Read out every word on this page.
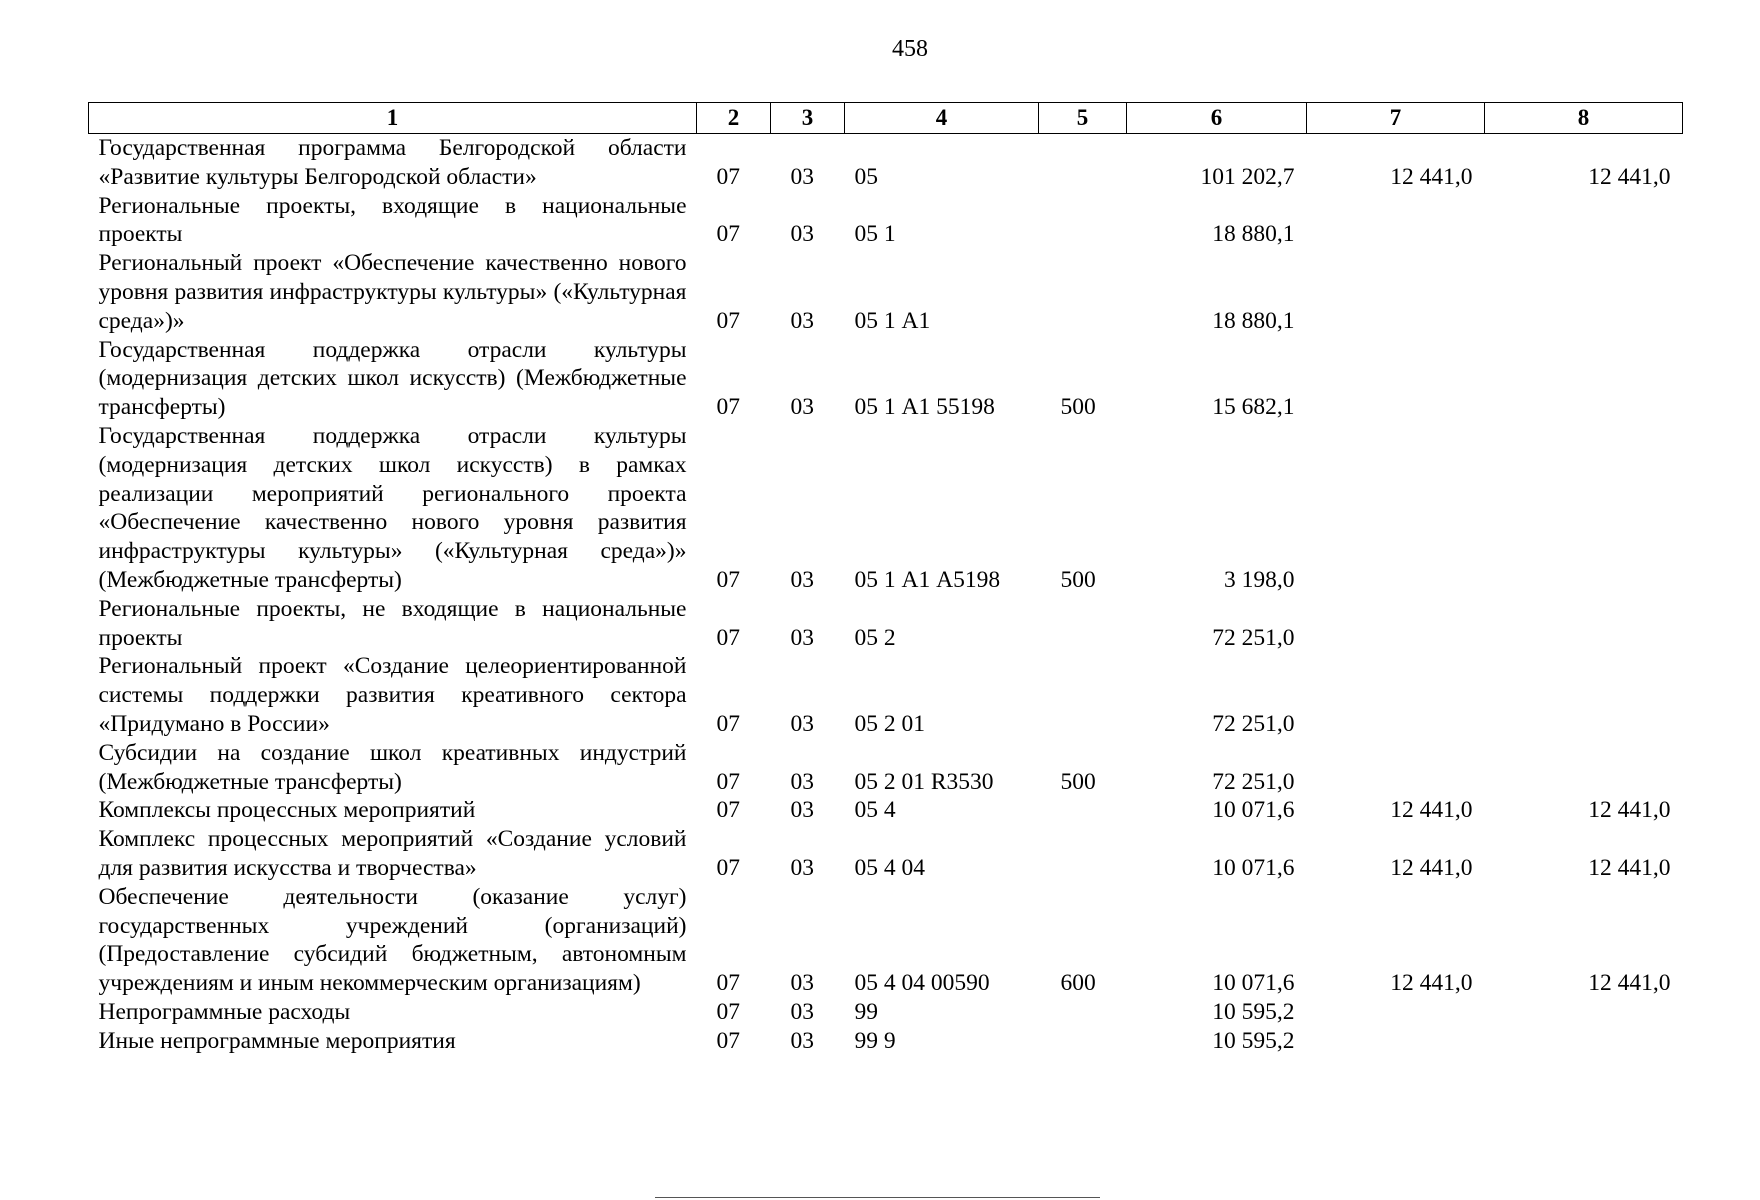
458
1	2	3	4	5	6	7	8
Государственная программа Белгородской области «Развитие культуры Белгородской области»	07	03	05		101 202,7	12 441,0	12 441,0
Региональные проекты, входящие в национальные проекты	07	03	05 1		18 880,1		
Региональный проект «Обеспечение качественно нового уровня развития инфраструктуры культуры» («Культурная среда»)»	07	03	05 1 А1		18 880,1		
Государственная поддержка отрасли культуры (модернизация детских школ искусств) (Межбюджетные трансферты)	07	03	05 1 А1 55198	500	15 682,1		
Государственная поддержка отрасли культуры (модернизация детских школ искусств) в рамках реализации мероприятий регионального проекта «Обеспечение качественно нового уровня развития инфраструктуры культуры» («Культурная среда»)» (Межбюджетные трансферты)	07	03	05 1 А1 А5198	500	3 198,0		
Региональные проекты, не входящие в национальные проекты	07	03	05 2		72 251,0		
Региональный проект «Создание целеориентированной системы поддержки развития креативного сектора «Придумано в России»	07	03	05 2 01		72 251,0		
Субсидии на создание школ креативных индустрий (Межбюджетные трансферты)	07	03	05 2 01 R3530	500	72 251,0		
Комплексы процессных мероприятий	07	03	05 4		10 071,6	12 441,0	12 441,0
Комплекс процессных мероприятий «Создание условий для развития искусства и творчества»	07	03	05 4 04		10 071,6	12 441,0	12 441,0
Обеспечение деятельности (оказание услуг) государственных учреждений (организаций) (Предоставление субсидий бюджетным, автономным учреждениям и иным некоммерческим организациям)	07	03	05 4 04 00590	600	10 071,6	12 441,0	12 441,0
Непрограммные расходы	07	03	99		10 595,2		
Иные непрограммные мероприятия	07	03	99 9		10 595,2		
